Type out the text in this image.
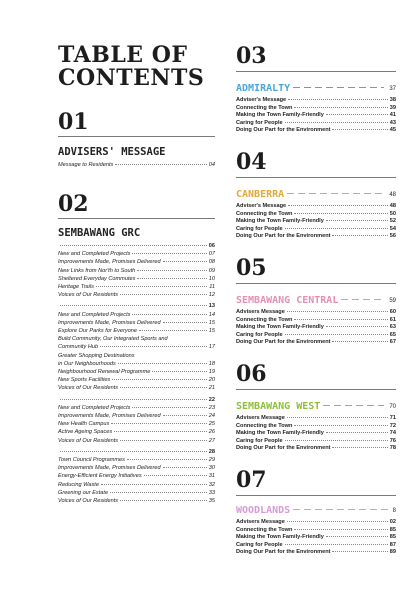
TABLE OF
CONTENTS
01
ADVISERS' MESSAGE
Message to Residents	04
02
SEMBAWANG GRC
06
New and Completed Projects	07
Improvements Made, Promises Delivered	08
New Links from Nor'th to South	09
Sheltered Everyday Commutes	10
Heritage Trails	11
Voices of Our Residents	12
13
New and Completed Projects	14
Improvements Made, Promises Delivered	15
Explore Our Parks for Everyone	15
Build Community, Our Integrated Sports and
Community Hub	17
Greater Shopping Destinations
in Our Neighbourhoods	18
Neighbourhood Renewal Programme	19
New Sports Facilities	20
Voices of Our Residents	21
22
New and Completed Projects	23
Improvements Made, Promises Delivered	24
New Health Campus	25
Active Ageing Spaces	26
Voices of Our Residents	27
28
Town Council Programmes	29
Improvements Made, Promises Delivered	30
Energy-Efficient Energy Initiatives	31
Reducing Waste	32
Greening our Estate	33
Voices of Our Residents	35
03
ADMIRALTY	37
Adviser's Message	38
Connecting the Town	39
Making the Town Family-Friendly	41
Caring for People	43
Doing Our Part for the Environment	45
04
CANBERRA	48
Adviser's Message	48
Connecting the Town	50
Making the Town Family-Friendly	52
Caring for People	54
Doing Our Part for the Environment	56
05
SEMBAWANG CENTRAL	59
Advisers Message	60
Connecting the Town	61
Making the Town Family-Friendly	63
Caring for People	65
Doing Our Part for the Environment	67
06
SEMBAWANG WEST	70
Advisers Message	71
Connecting the Town	72
Making the Town Family-Friendly	74
Caring for People	76
Doing Our Part for the Environment	78
07
WOODLANDS	8
Advisers Message	02
Connecting the Town	85
Making the Town Family-Friendly	85
Caring for People	87
Doing Our Part for the Environment	89
